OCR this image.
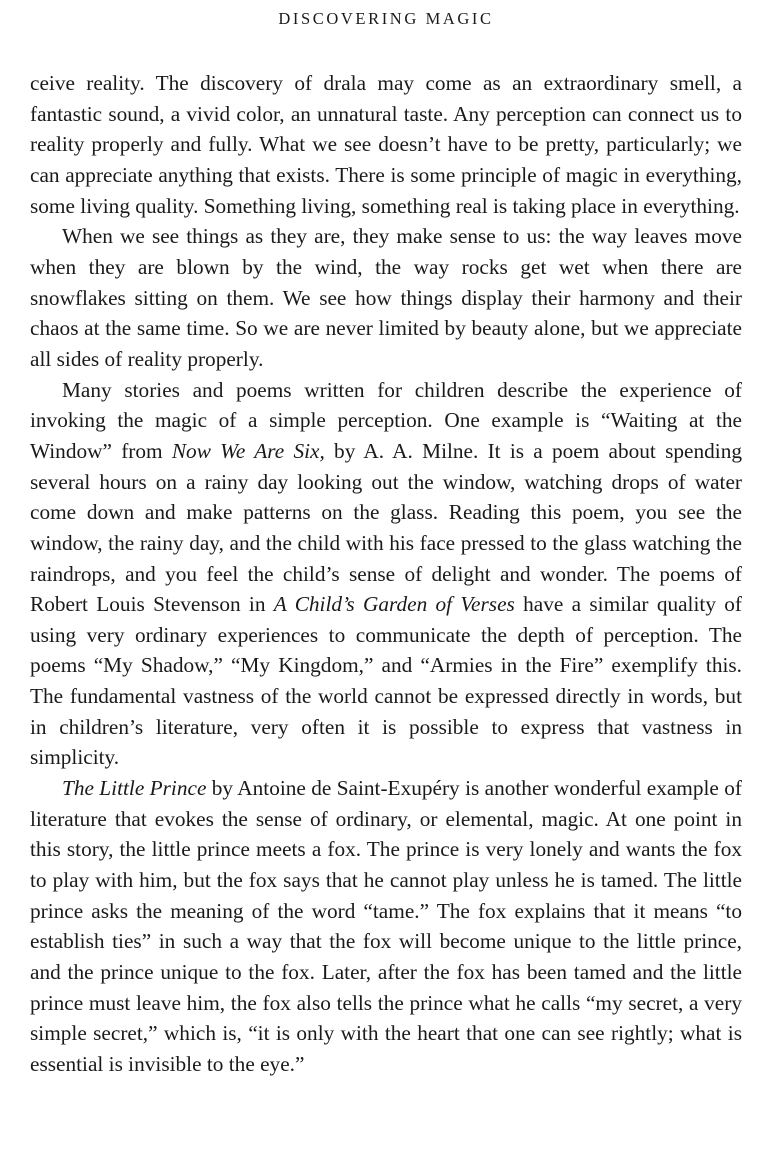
DISCOVERING MAGIC

ceive reality. The discovery of drala may come as an extraordinary smell, a fantastic sound, a vivid color, an unnatural taste. Any perception can connect us to reality properly and fully. What we see doesn’t have to be pretty, particularly; we can appreciate anything that exists. There is some principle of magic in everything, some living quality. Something living, something real is taking place in everything.

When we see things as they are, they make sense to us: the way leaves move when they are blown by the wind, the way rocks get wet when there are snowflakes sitting on them. We see how things display their harmony and their chaos at the same time. So we are never limited by beauty alone, but we appreciate all sides of reality properly.

Many stories and poems written for children describe the experience of invoking the magic of a simple perception. One example is “Waiting at the Window” from Now We Are Six, by A. A. Milne. It is a poem about spending several hours on a rainy day looking out the window, watching drops of water come down and make patterns on the glass. Reading this poem, you see the window, the rainy day, and the child with his face pressed to the glass watching the raindrops, and you feel the child’s sense of delight and wonder. The poems of Robert Louis Stevenson in A Child’s Garden of Verses have a similar quality of using very ordinary experiences to communicate the depth of perception. The poems “My Shadow,” “My Kingdom,” and “Armies in the Fire” exemplify this. The fundamental vastness of the world cannot be expressed directly in words, but in children’s literature, very often it is possible to express that vastness in simplicity.

The Little Prince by Antoine de Saint-Exupéry is another wonderful example of literature that evokes the sense of ordinary, or elemental, magic. At one point in this story, the little prince meets a fox. The prince is very lonely and wants the fox to play with him, but the fox says that he cannot play unless he is tamed. The little prince asks the meaning of the word “tame.” The fox explains that it means “to establish ties” in such a way that the fox will become unique to the little prince, and the prince unique to the fox. Later, after the fox has been tamed and the little prince must leave him, the fox also tells the prince what he calls “my secret, a very simple secret,” which is, “it is only with the heart that one can see rightly; what is essential is invisible to the eye.”
